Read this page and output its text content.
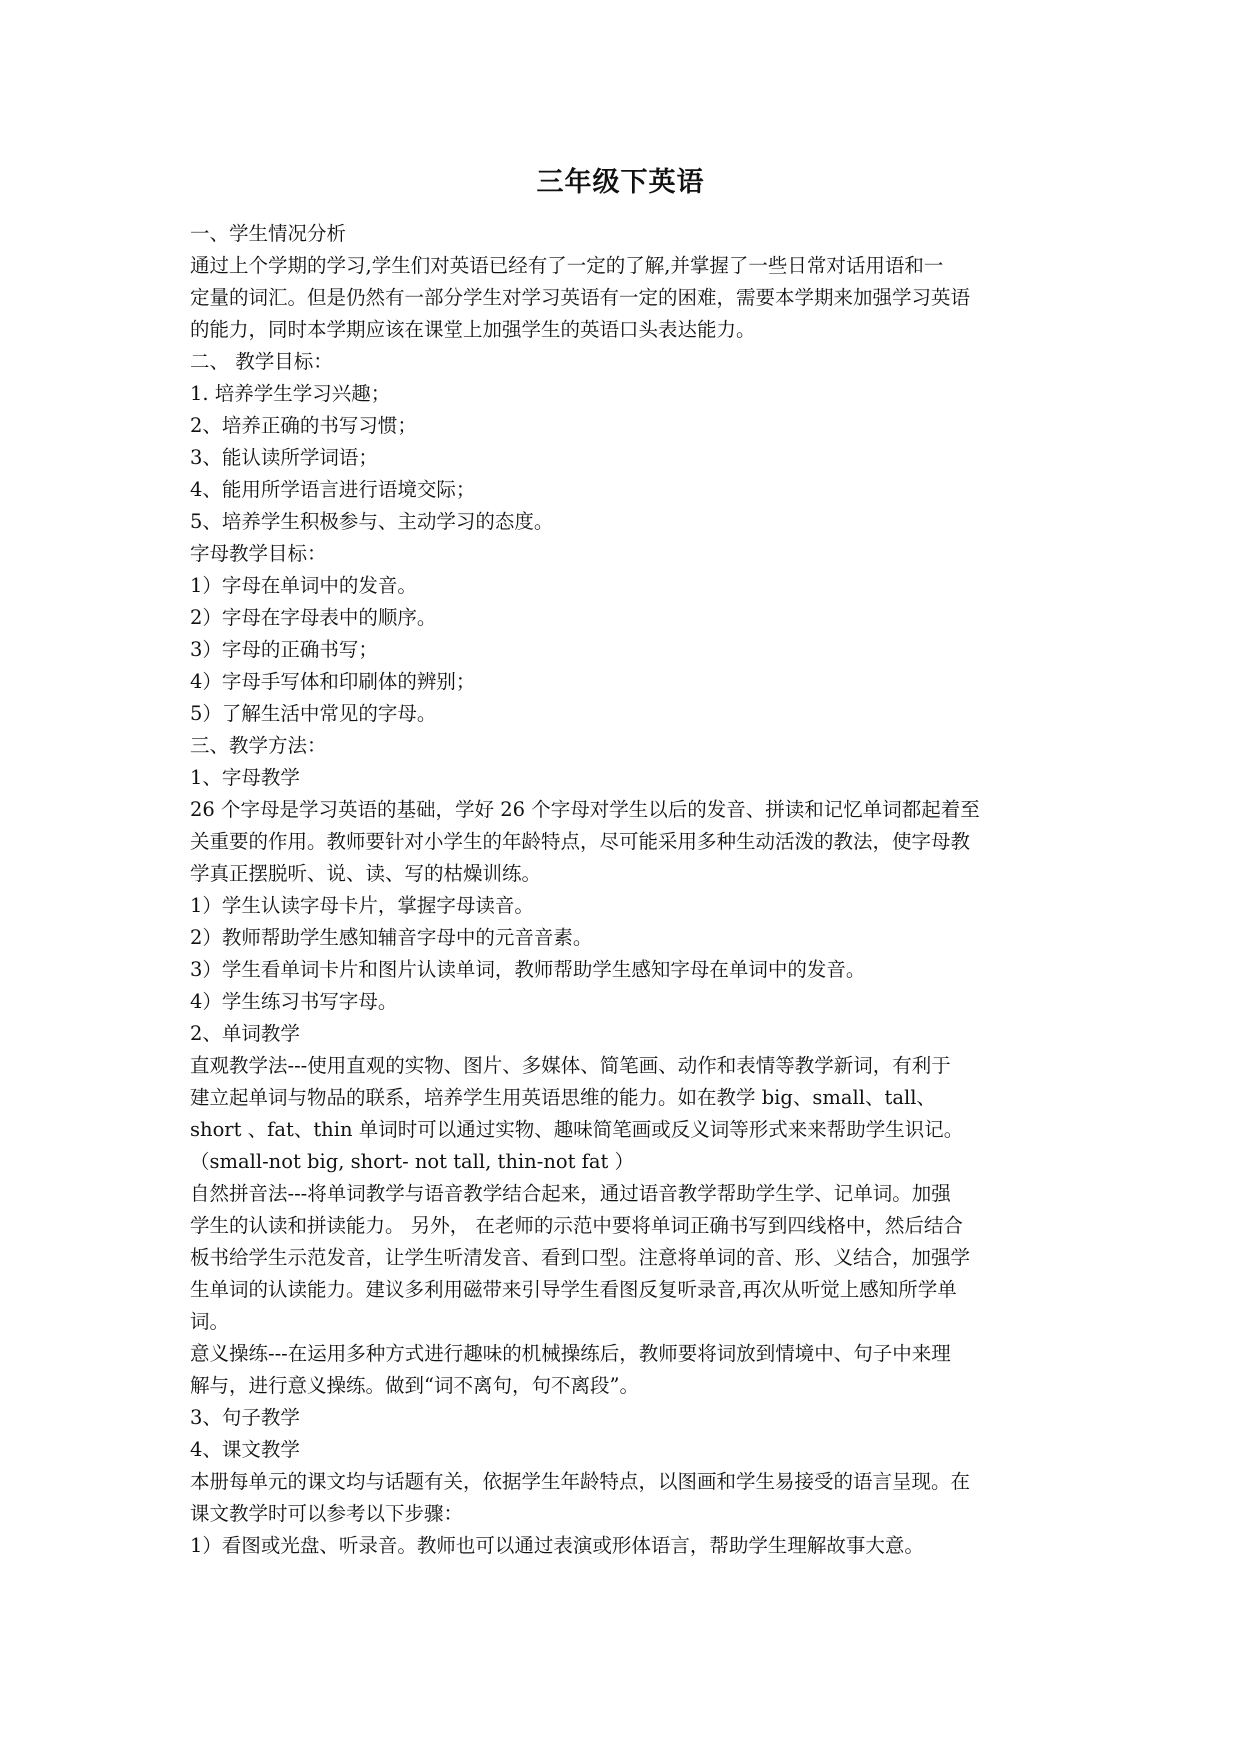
三年级下英语
一、学生情况分析
通过上个学期的学习,学生们对英语已经有了一定的了解,并掌握了一些日常对话用语和一
定量的词汇。但是仍然有一部分学生对学习英语有一定的困难，需要本学期来加强学习英语
的能力，同时本学期应该在课堂上加强学生的英语口头表达能力。
二、 教学目标：
1. 培养学生学习兴趣；
2、培养正确的书写习惯；
3、能认读所学词语；
4、能用所学语言进行语境交际；
5、培养学生积极参与、主动学习的态度。
字母教学目标：
1）字母在单词中的发音。
2）字母在字母表中的顺序。
3）字母的正确书写；
4）字母手写体和印刷体的辨别；
5）了解生活中常见的字母。
三、教学方法：
1、字母教学
26 个字母是学习英语的基础，学好 26 个字母对学生以后的发音、拼读和记忆单词都起着至
关重要的作用。教师要针对小学生的年龄特点，尽可能采用多种生动活泼的教法，使字母教
学真正摆脱听、说、读、写的枯燥训练。
1）学生认读字母卡片，掌握字母读音。
2）教师帮助学生感知辅音字母中的元音音素。
3）学生看单词卡片和图片认读单词，教师帮助学生感知字母在单词中的发音。
4）学生练习书写字母。
2、单词教学
直观教学法---使用直观的实物、图片、多媒体、简笔画、动作和表情等教学新词，有利于
建立起单词与物品的联系，培养学生用英语思维的能力。如在教学 big、small、tall、
short 、fat、thin 单词时可以通过实物、趣味简笔画或反义词等形式来来帮助学生识记。
（small-not big, short- not tall, thin-not fat ）
自然拼音法---将单词教学与语音教学结合起来，通过语音教学帮助学生学、记单词。加强
学生的认读和拼读能力。 另外， 在老师的示范中要将单词正确书写到四线格中，然后结合
板书给学生示范发音，让学生听清发音、看到口型。注意将单词的音、形、义结合，加强学
生单词的认读能力。建议多利用磁带来引导学生看图反复听录音,再次从听觉上感知所学单
词。
意义操练---在运用多种方式进行趣味的机械操练后，教师要将词放到情境中、句子中来理
解与，进行意义操练。做到“词不离句，句不离段”。
3、句子教学
4、课文教学
本册每单元的课文均与话题有关，依据学生年龄特点，以图画和学生易接受的语言呈现。在
课文教学时可以参考以下步骤：
1）看图或光盘、听录音。教师也可以通过表演或形体语言，帮助学生理解故事大意。
